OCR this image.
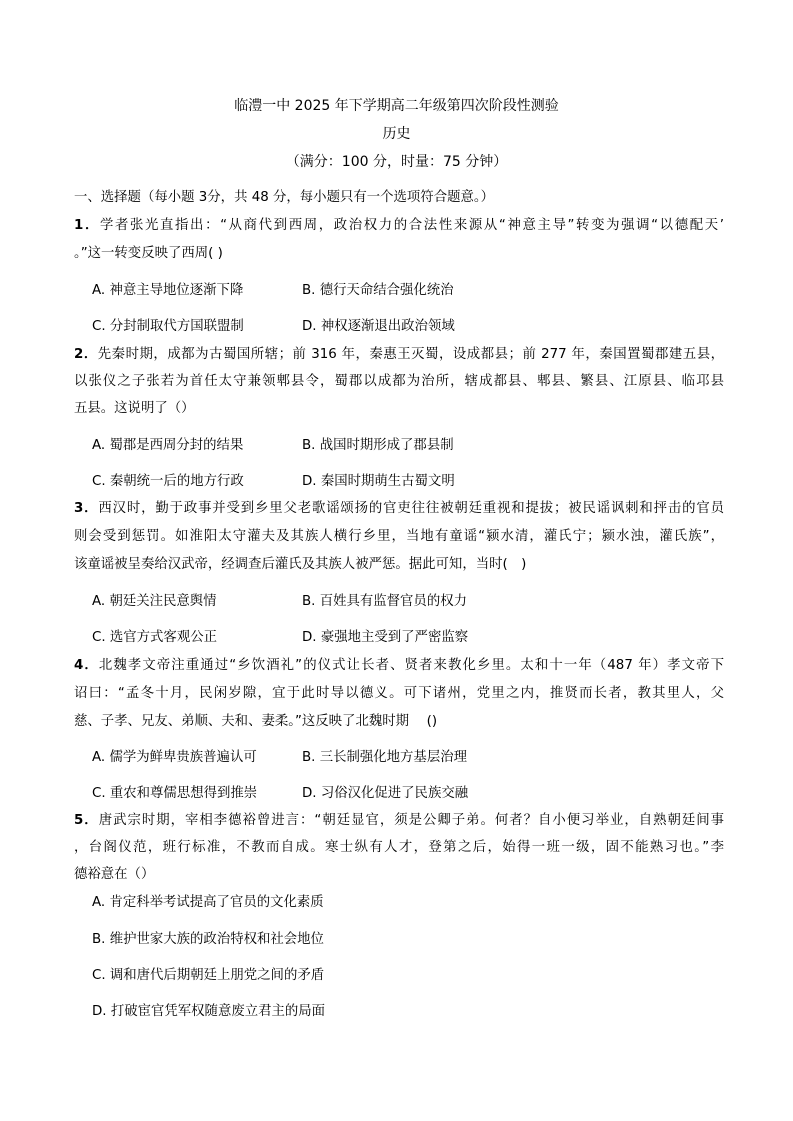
临澧一中 2025 年下学期高二年级第四次阶段性测验
历史
（满分：100 分，时量：75 分钟）
一、选择题（每小题 3分，共 48 分，每小题只有一个选项符合题意。）
1．学者张光直指出：“从商代到西周，政治权力的合法性来源从“神意主导”转变为强调“以德配天’
。”这一转变反映了西周( )
A. 神意主导地位逐渐下降	B. 德行天命结合强化统治
C. 分封制取代方国联盟制	D. 神权逐渐退出政治领域
2．先秦时期，成都为古蜀国所辖；前 316 年，秦惠王灭蜀，设成都县；前 277 年，秦国置蜀郡建五县，
以张仪之子张若为首任太守兼领郫县令，蜀郡以成都为治所，辖成都县、郫县、繁县、江原县、临邛县
五县。这说明了（）
A. 蜀郡是西周分封的结果	B. 战国时期形成了郡县制
C. 秦朝统一后的地方行政	D. 秦国时期萌生古蜀文明
3．西汉时，勤于政事并受到乡里父老歌谣颂扬的官吏往往被朝廷重视和提拔；被民谣讽刺和抨击的官员
则会受到惩罚。如淮阳太守灌夫及其族人横行乡里，当地有童谣“颍水清，灌氏宁；颍水浊，灌氏族”，
该童谣被呈奏给汉武帝，经调查后灌氏及其族人被严惩。据此可知，当时(　)
A. 朝廷关注民意舆情	B. 百姓具有监督官员的权力
C. 选官方式客观公正	D. 豪强地主受到了严密监察
4．北魏孝文帝注重通过“乡饮酒礼”的仪式让长者、贤者来教化乡里。太和十一年（487 年）孝文帝下
诏曰：“孟冬十月，民闲岁隙，宜于此时导以德义。可下诸州，党里之内，推贤而长者，教其里人，父
慈、子孝、兄友、弟顺、夫和、妻柔。”这反映了北魏时期　 ()
A. 儒学为鲜卑贵族普遍认可	B. 三长制强化地方基层治理
C. 重农和尊儒思想得到推崇	D. 习俗汉化促进了民族交融
5．唐武宗时期，宰相李德裕曾进言：“朝廷显官，须是公卿子弟。何者？自小便习举业，自熟朝廷间事
，台阁仪范，班行标准，不教而自成。寒士纵有人才，登第之后，始得一班一级，固不能熟习也。”李
德裕意在（）
A. 肯定科举考试提高了官员的文化素质
B. 维护世家大族的政治特权和社会地位
C. 调和唐代后期朝廷上朋党之间的矛盾
D. 打破宦官凭军权随意废立君主的局面
